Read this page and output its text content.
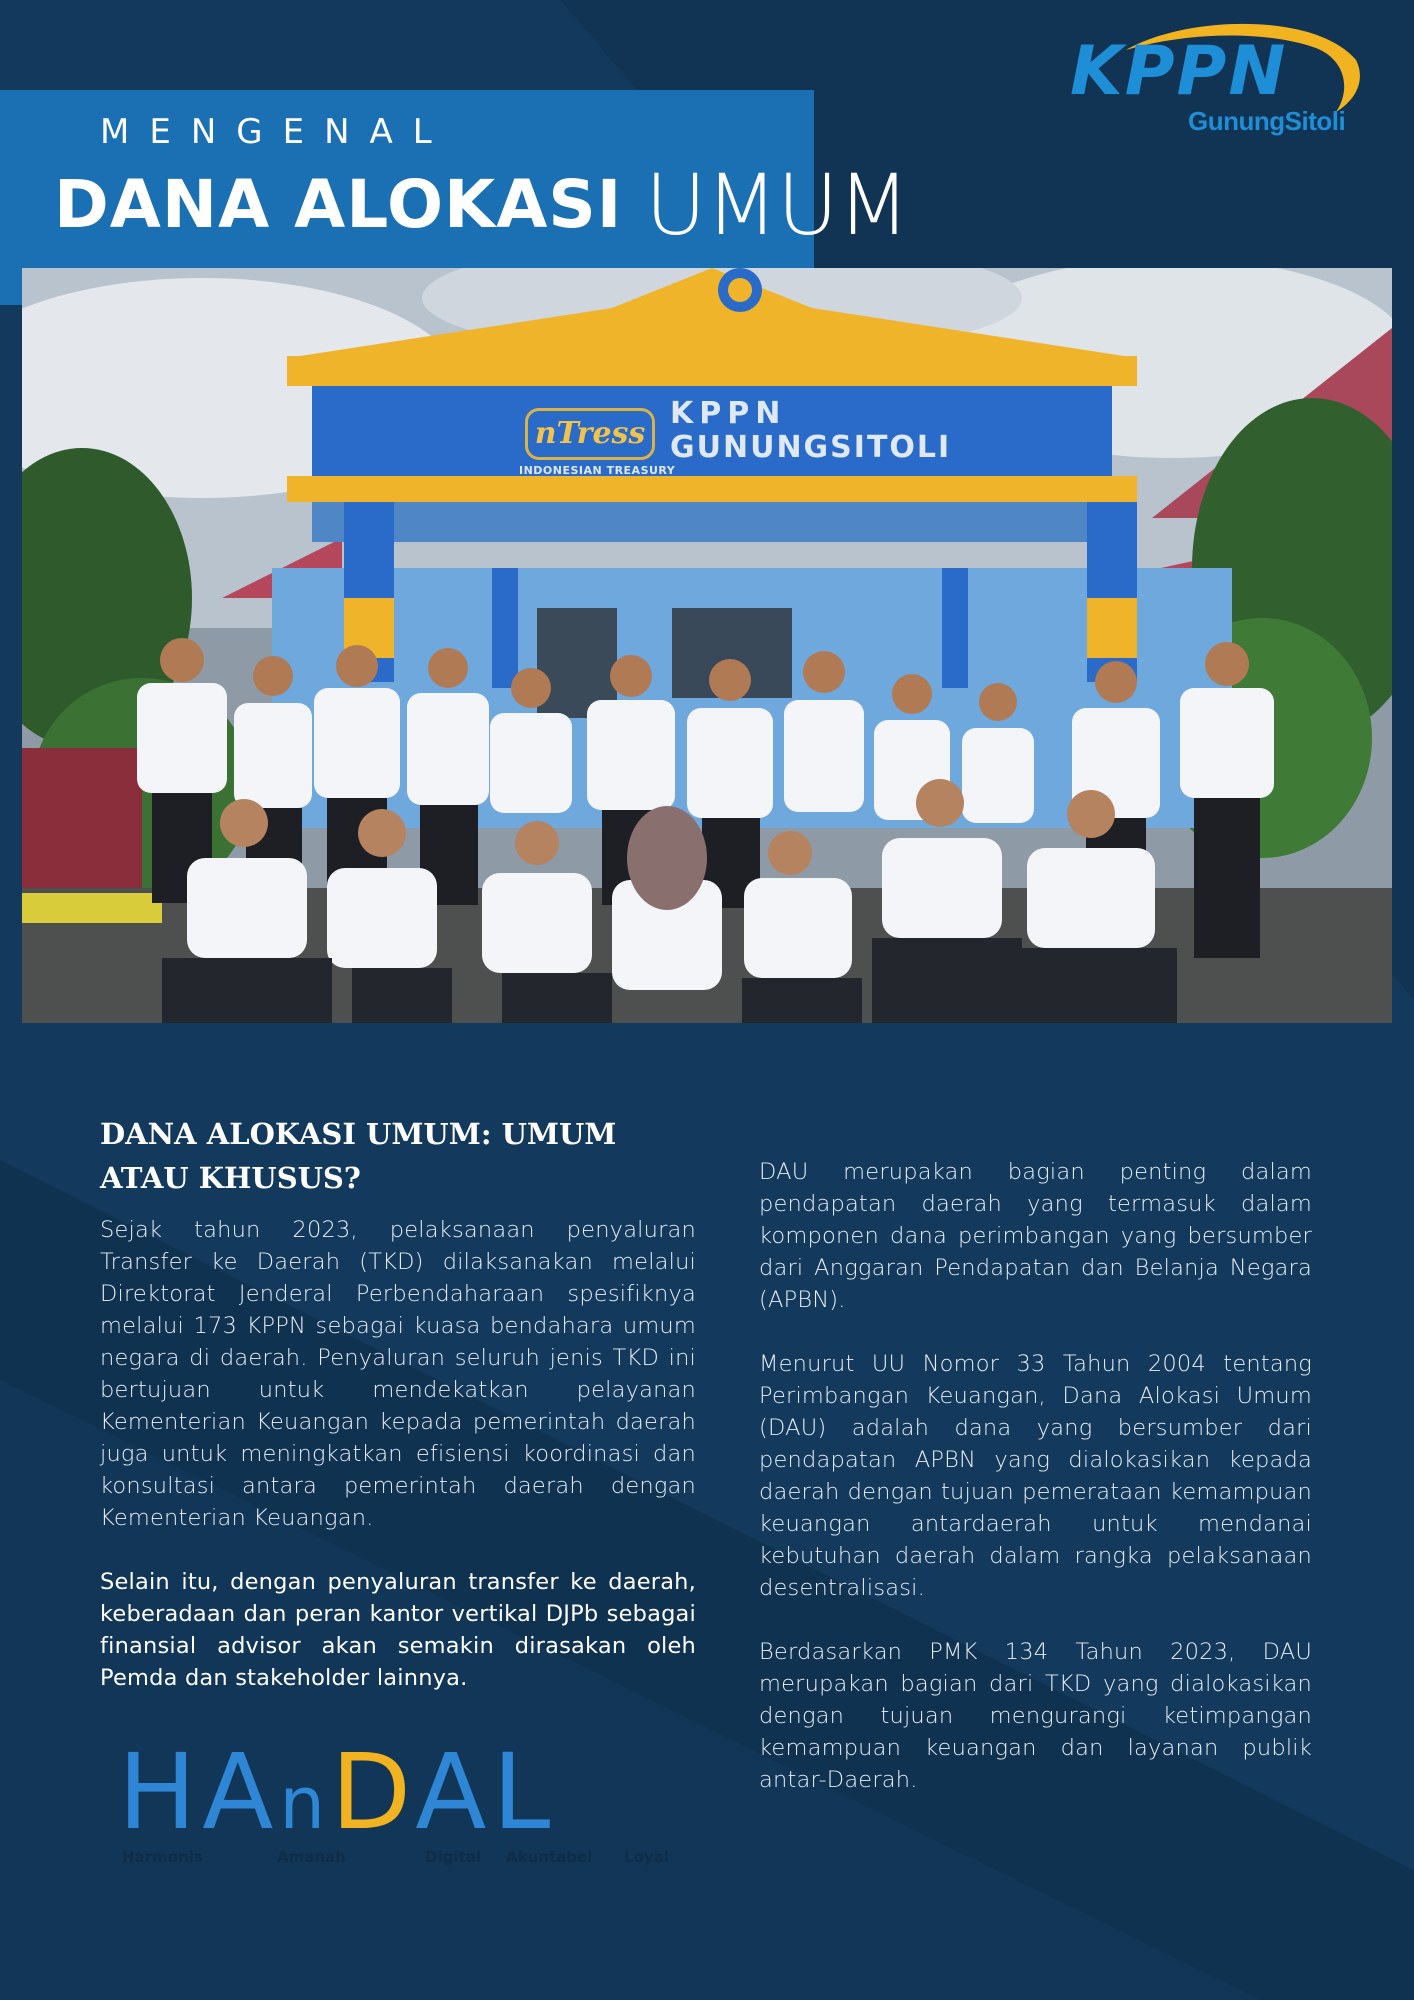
MENGENAL
DANA ALOKASI UMUM
KPPN
GunungSitoli
nTress
KPPN
GUNUNGSITOLI
INDONESIAN TREASURY
DANA ALOKASI UMUM: UMUM ATAU KHUSUS?

Sejak tahun 2023, pelaksanaan penyaluran Transfer ke Daerah (TKD) dilaksanakan melalui Direktorat Jenderal Perbendaharaan spesifiknya melalui 173 KPPN sebagai kuasa bendahara umum negara di daerah. Penyaluran seluruh jenis TKD ini bertujuan untuk mendekatkan pelayanan Kementerian Keuangan kepada pemerintah daerah juga untuk meningkatkan efisiensi koordinasi dan konsultasi antara pemerintah daerah dengan Kementerian Keuangan.

Selain itu, dengan penyaluran transfer ke daerah, keberadaan dan peran kantor vertikal DJPb sebagai finansial advisor akan semakin dirasakan oleh Pemda dan stakeholder lainnya.

DAU merupakan bagian penting dalam pendapatan daerah yang termasuk dalam komponen dana perimbangan yang bersumber dari Anggaran Pendapatan dan Belanja Negara (APBN).

Menurut UU Nomor 33 Tahun 2004 tentang Perimbangan Keuangan, Dana Alokasi Umum (DAU) adalah dana yang bersumber dari pendapatan APBN yang dialokasikan kepada daerah dengan tujuan pemerataan kemampuan keuangan antardaerah untuk mendanai kebutuhan daerah dalam rangka pelaksanaan desentralisasi.

Berdasarkan PMK 134 Tahun 2023, DAU merupakan bagian dari TKD yang dialokasikan dengan tujuan mengurangi ketimpangan kemampuan keuangan dan layanan publik antar-Daerah.

HAnDAL
Harmonis	Amanah	Digital Akuntabel Loyal
